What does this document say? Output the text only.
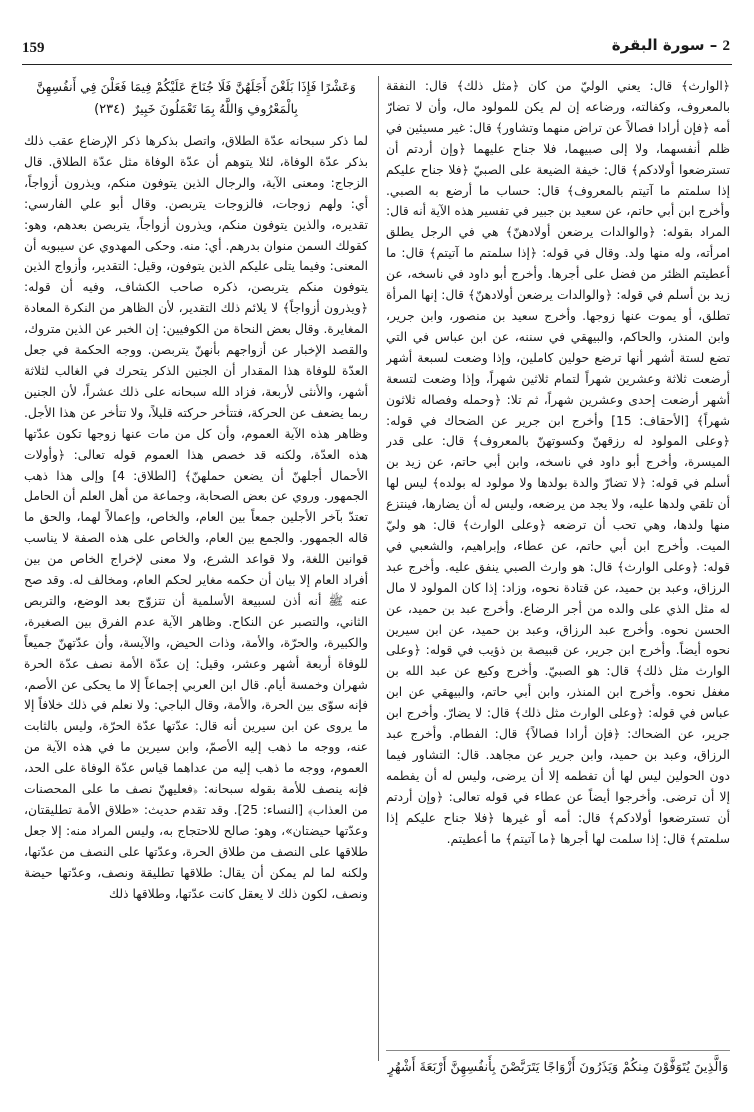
159	2 – سورة البقرة

﴿الوارث﴾ قال: يعني الوليّ من كان ﴿مثل ذلك﴾ قال: النفقة بالمعروف، وكفالته، ورضاعه إن لم يكن للمولود مال، وأن لا تضارّ أمه ﴿فإن أرادا فصالاً عن تراض منهما وتشاور﴾ قال: غير مسيئين في ظلم أنفسهما، ولا إلى صبيهما، فلا جناح عليهما ﴿وإن أردتم أن تسترضعوا أولادكم﴾ قال: خيفة الضيعة على الصبيّ ﴿فلا جناح عليكم إذا سلمتم ما آتيتم بالمعروف﴾ قال: حساب ما أرضع به الصبي. وأخرج ابن أبي حاتم، عن سعيد بن جبير في تفسير هذه الآية أنه قال: المراد بقوله: ﴿والوالدات يرضعن أولادهنّ﴾ هي في الرجل يطلق امرأته، وله منها ولد. وقال في قوله: ﴿إذا سلمتم ما آتيتم﴾ قال: ما أعطيتم الظئر من فضل على أجرها. وأخرج أبو داود في ناسخه، عن زيد بن أسلم في قوله: ﴿والوالدات يرضعن أولادهنّ﴾ قال: إنها المرأة تطلق، أو يموت عنها زوجها. وأخرج سعيد بن منصور، وابن جرير، وابن المنذر، والحاكم، والبيهقي في سننه، عن ابن عباس في التي تضع لستة أشهر أنها ترضع حولين كاملين، وإذا وضعت لسبعة أشهر أرضعت ثلاثة وعشرين شهراً لتمام ثلاثين شهراً، وإذا وضعت لتسعة أشهر أرضعت إحدى وعشرين شهراً، ثم تلا: ﴿وحمله وفصاله ثلاثون شهراً﴾ [الأحقاف: 15] وأخرج ابن جرير عن الضحاك في قوله: ﴿وعلى المولود له رزقهنّ وكسوتهنّ بالمعروف﴾ قال: على قدر الميسرة، وأخرج أبو داود في ناسخه، وابن أبي حاتم، عن زيد بن أسلم في قوله: ﴿لا تضارّ والدة بولدها ولا مولود له بولده﴾ ليس لها أن تلقي ولدها عليه، ولا يجد من يرضعه، وليس له أن يضارها، فينتزع منها ولدها، وهي تحب أن ترضعه ﴿وعلى الوارث﴾ قال: هو وليّ الميت. وأخرج ابن أبي حاتم، عن عطاء، وإبراهيم، والشعبي في قوله: ﴿وعلى الوارث﴾ قال: هو وارث الصبي ينفق عليه. وأخرج عبد الرزاق، وعبد بن حميد، عن قتادة نحوه، وزاد: إذا كان المولود لا مال له مثل الذي على والده من أجر الرضاع. وأخرج عبد بن حميد، عن الحسن نحوه. وأخرج عبد الرزاق، وعبد بن حميد، عن ابن سيرين نحوه أيضاً. وأخرج ابن جرير، عن قبيصة بن ذؤيب في قوله: ﴿وعلى الوارث مثل ذلك﴾ قال: هو الصبيّ. وأخرج وكيع عن عبد الله بن مغفل نحوه. وأخرج ابن المنذر، وابن أبي حاتم، والبيهقي عن ابن عباس في قوله: ﴿وعلى الوارث مثل ذلك﴾ قال: لا يضارّ. وأخرج ابن جرير، عن الضحاك: ﴿فإن أرادا فصالاً﴾ قال: الفطام. وأخرج عبد الرزاق، وعبد بن حميد، وابن جرير عن مجاهد. قال: التشاور فيما دون الحولين ليس لها أن تفطمه إلا أن يرضى، وليس له أن يفطمه إلا أن ترضى. وأخرجوا أيضاً عن عطاء في قوله تعالى: ﴿وإن أردتم أن تسترضعوا أولادكم﴾ قال: أمه أو غيرها ﴿فلا جناح عليكم إذا سلمتم﴾ قال: إذا سلمت لها أجرها ﴿ما آتيتم﴾ ما أعطيتم.

وَعَشْرًا فَإِذَا بَلَغْنَ أَجَلَهُنَّ فَلَا جُنَاحَ عَلَيْكُمْ فِيمَا فَعَلْنَ فِي أَنفُسِهِنَّ بِالْمَعْرُوفِ وَاللَّهُ بِمَا تَعْمَلُونَ خَبِيرٌ (٢٣٤)

لما ذكر سبحانه عدّة الطلاق، واتصل بذكرها ذكر الإرضاع عقب ذلك بذكر عدّة الوفاة، لئلا يتوهم أن عدّة الوفاة مثل عدّة الطلاق. قال الزجاج: ومعنى الآية، والرجال الذين يتوفون منكم، ويذرون أزواجاً، أي: ولهم زوجات، فالزوجات يتربصن. وقال أبو علي الفارسي: تقديره، والذين يتوفون منكم، ويذرون أزواجاً، يتربصن بعدهم، وهو: كقولك السمن منوان بدرهم. أي: منه. وحكى المهدوي عن سيبويه أن المعنى: وفيما يتلى عليكم الذين يتوفون، وقيل: التقدير، وأزواج الذين يتوفون منكم يتربصن، ذكره صاحب الكشاف، وفيه أن قوله: ﴿ويذرون أزواجاً﴾ لا يلائم ذلك التقدير، لأن الظاهر من النكرة المعادة المغايرة. وقال بعض النحاة من الكوفيين: إن الخبر عن الذين متروك، والقصد الإخبار عن أزواجهم بأنهنّ يتربصن. ووجه الحكمة في جعل العدّة للوفاة هذا المقدار أن الجنين الذكر يتحرك في الغالب لثلاثة أشهر، والأنثى لأربعة، فزاد الله سبحانه على ذلك عشراً، لأن الجنين ربما يضعف عن الحركة، فتتأخر حركته قليلاً، ولا تتأخر عن هذا الأجل. وظاهر هذه الآية العموم، وأن كل من مات عنها زوجها تكون عدّتها هذه العدّة، ولكنه قد خصص هذا العموم قوله تعالى: ﴿وأولات الأحمال أجلهنّ أن يضعن حملهنّ﴾ [الطلاق: 4] وإلى هذا ذهب الجمهور. وروي عن بعض الصحابة، وجماعة من أهل العلم أن الحامل تعتدّ بآخر الأجلين جمعاً بين العام، والخاص، وإعمالاً لهما، والحق ما قاله الجمهور. والجمع بين العام، والخاص على هذه الصفة لا يناسب قوانين اللغة، ولا قواعد الشرع، ولا معنى لإخراج الخاص من بين أفراد العام إلا بيان أن حكمه مغاير لحكم العام، ومخالف له. وقد صح عنه ﷺ أنه أذن لسبيعة الأسلمية أن تتزوّج بعد الوضع، والتربص الثاني، والتصبر عن النكاح. وظاهر الآية عدم الفرق بين الصغيرة، والكبيرة، والحرّة، والأمة، وذات الحيض، والآيسة، وأن عدّتهنّ جميعاً للوفاة أربعة أشهر وعشر، وقيل: إن عدّة الأمة نصف عدّة الحرة شهران وخمسة أيام. قال ابن العربي إجماعاً إلا ما يحكى عن الأصم، فإنه سوّى بين الحرة، والأمة، وقال الباجي: ولا نعلم في ذلك خلافاً إلا ما يروى عن ابن سيرين أنه قال: عدّتها عدّة الحرّة، وليس بالثابت عنه، ووجه ما ذهب إليه الأصمّ، وابن سيرين ما في هذه الآية من العموم، ووجه ما ذهب إليه من عداهما قياس عدّة الوفاة على الحد، فإنه ينصف للأمة بقوله سبحانه: ﴿فعليهنّ نصف ما على المحصنات من العذاب﴾ [النساء: 25]. وقد تقدم حديث: «طلاق الأمة تطليقتان، وعدّتها حيضتان»، وهو: صالح للاحتجاج به، وليس المراد منه: إلا جعل طلاقها على النصف من طلاق الحرة، وعدّتها على النصف من عدّتها، ولكنه لما لم يمكن أن يقال: طلاقها تطليقة ونصف، وعدّتها حيضة ونصف، لكون ذلك لا يعقل كانت عدّتها، وطلاقها ذلك

وَالَّذِينَ يُتَوَفَّوْنَ مِنكُمْ وَيَذَرُونَ أَزْوَاجًا يَتَرَبَّصْنَ بِأَنفُسِهِنَّ أَرْبَعَةَ أَشْهُرٍ
